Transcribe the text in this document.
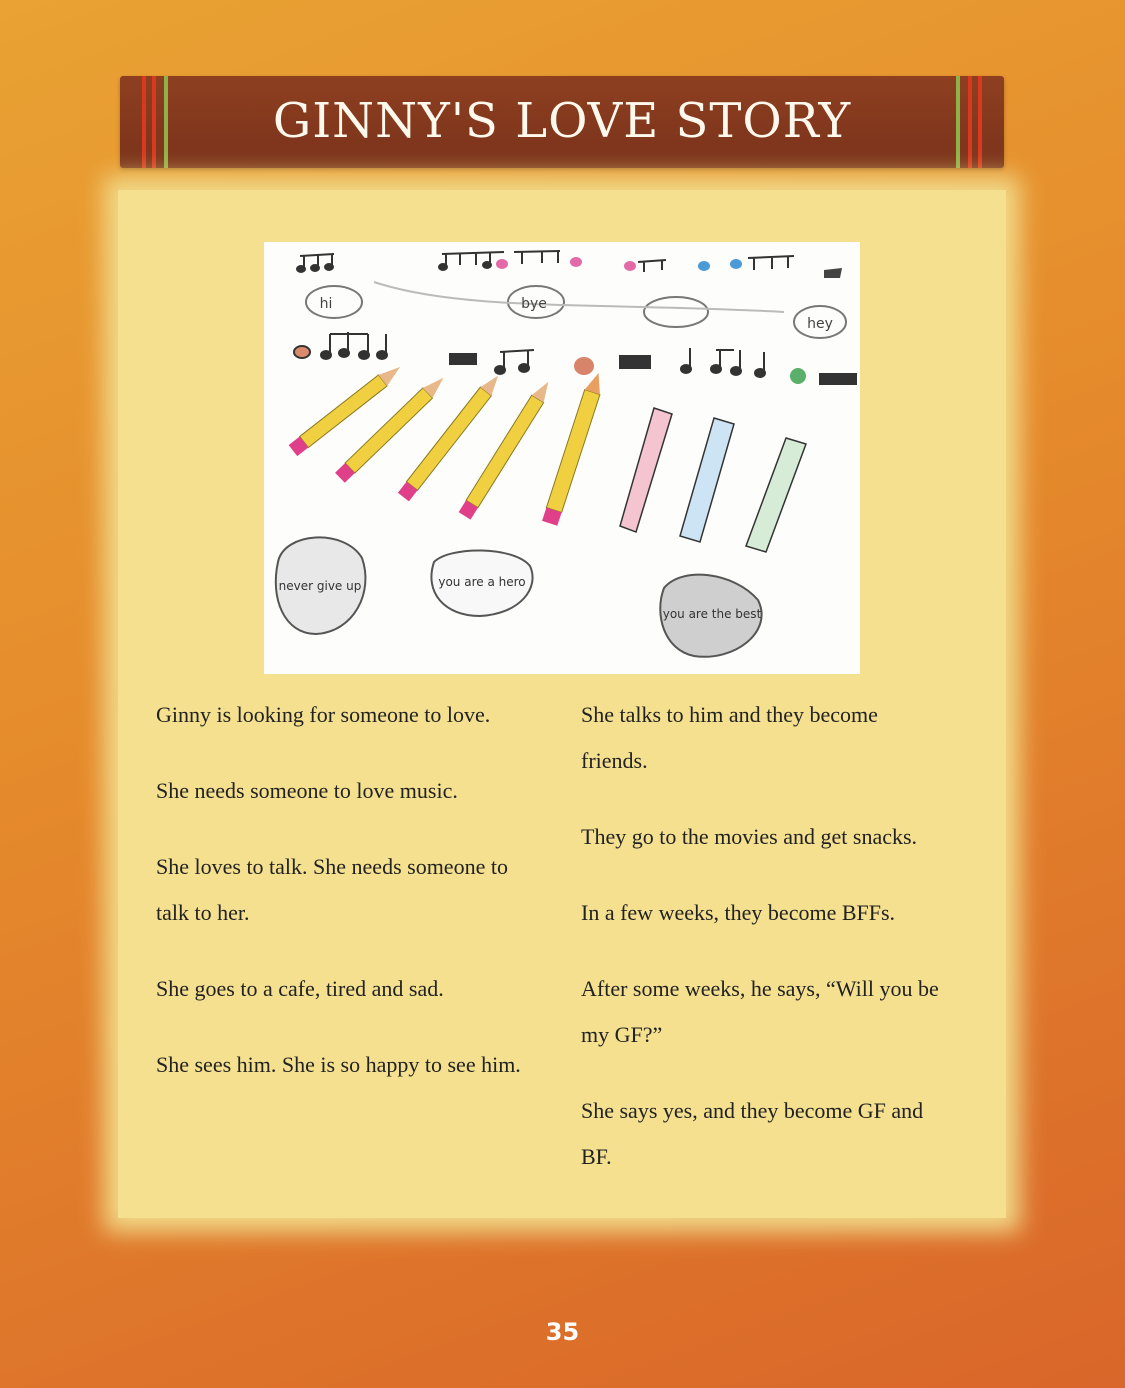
GINNY'S LOVE STORY
hi	bye
hey
never give up	you are a hero
you are the best

Ginny is looking for someone to love.

She needs someone to love music.

She loves to talk. She needs someone to talk to her.

She goes to a cafe, tired and sad.

She sees him. She is so happy to see him.

She talks to him and they become friends.

They go to the movies and get snacks.

In a few weeks, they become BFFs.

After some weeks, he says, “Will you be my GF?”

She says yes, and they become GF and BF.

35
